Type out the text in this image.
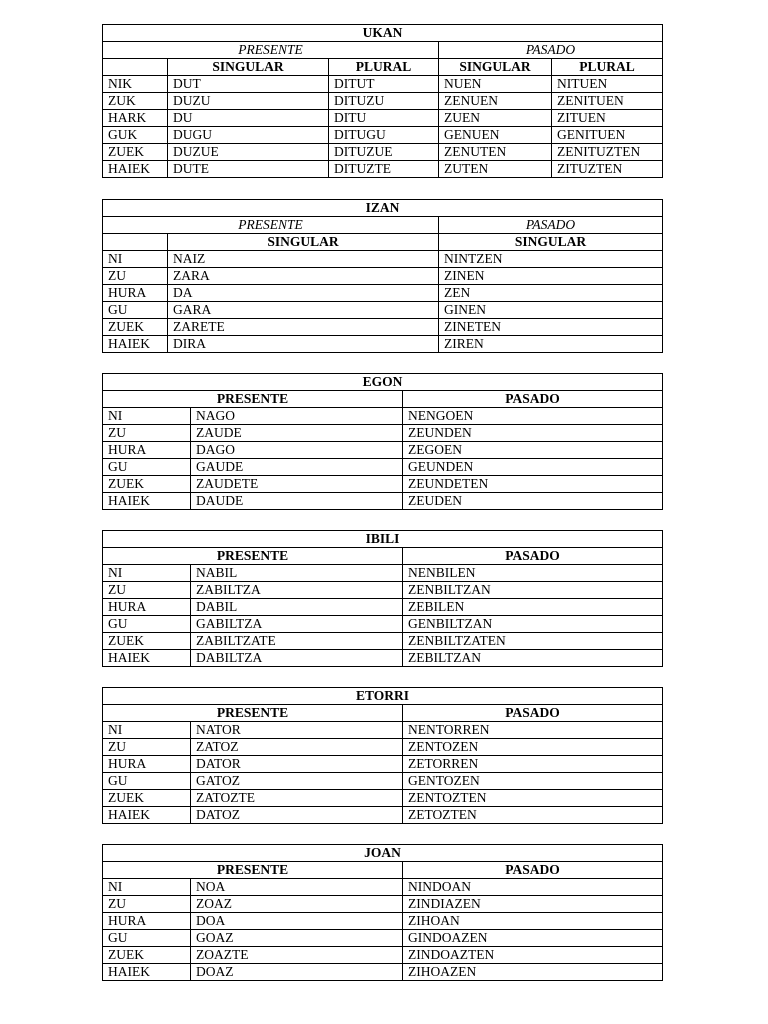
UKAN				
PRESENTE			PASADO	
	SINGULAR	PLURAL	SINGULAR	PLURAL
NIK	DUT	DITUT	NUEN	NITUEN
ZUK	DUZU	DITUZU	ZENUEN	ZENITUEN
HARK	DU	DITU	ZUEN	ZITUEN
GUK	DUGU	DITUGU	GENUEN	GENITUEN
ZUEK	DUZUE	DITUZUE	ZENUTEN	ZENITUZTEN
HAIEK	DUTE	DITUZTE	ZUTEN	ZITUZTEN
IZAN		
PRESENTE		PASADO
	SINGULAR	SINGULAR
NI	NAIZ	NINTZEN
ZU	ZARA	ZINEN
HURA	DA	ZEN
GU	GARA	GINEN
ZUEK	ZARETE	ZINETEN
HAIEK	DIRA	ZIREN
EGON		
PRESENTE		PASADO
NI	NAGO	NENGOEN
ZU	ZAUDE	ZEUNDEN
HURA	DAGO	ZEGOEN
GU	GAUDE	GEUNDEN
ZUEK	ZAUDETE	ZEUNDETEN
HAIEK	DAUDE	ZEUDEN
IBILI		
PRESENTE		PASADO
NI	NABIL	NENBILEN
ZU	ZABILTZA	ZENBILTZAN
HURA	DABIL	ZEBILEN
GU	GABILTZA	GENBILTZAN
ZUEK	ZABILTZATE	ZENBILTZATEN
HAIEK	DABILTZA	ZEBILTZAN
ETORRI		
PRESENTE		PASADO
NI	NATOR	NENTORREN
ZU	ZATOZ	ZENTOZEN
HURA	DATOR	ZETORREN
GU	GATOZ	GENTOZEN
ZUEK	ZATOZTE	ZENTOZTEN
HAIEK	DATOZ	ZETOZTEN
JOAN		
PRESENTE		PASADO
NI	NOA	NINDOAN
ZU	ZOAZ	ZINDIAZEN
HURA	DOA	ZIHOAN
GU	GOAZ	GINDOAZEN
ZUEK	ZOAZTE	ZINDOAZTEN
HAIEK	DOAZ	ZIHOAZEN
